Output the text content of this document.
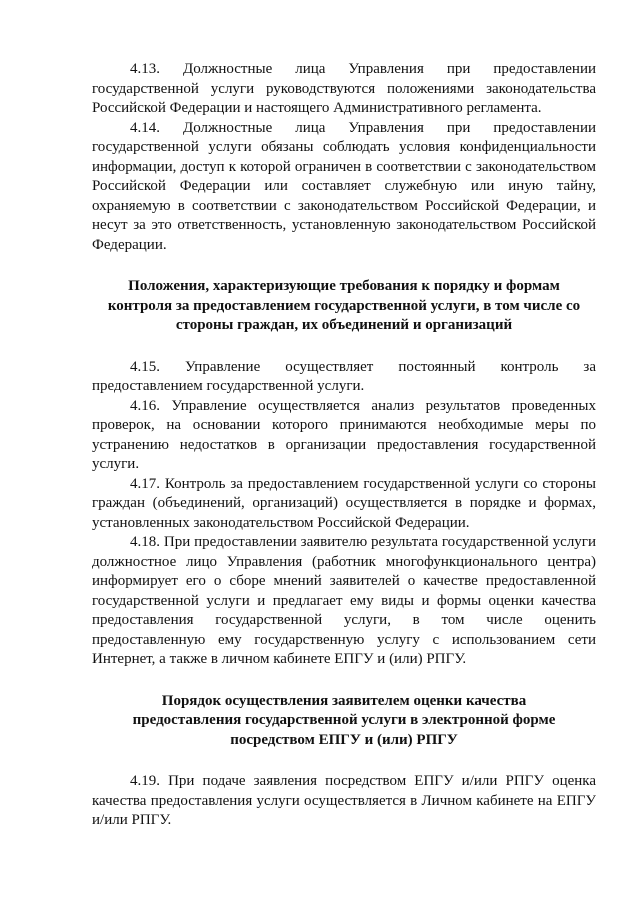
4.13. Должностные лица Управления при предоставлении государственной услуги руководствуются положениями законодательства Российской Федерации и настоящего Административного регламента.

4.14. Должностные лица Управления при предоставлении государственной услуги обязаны соблюдать условия конфиденциальности информации, доступ к которой ограничен в соответствии с законодательством Российской Федерации или составляет служебную или иную тайну, охраняемую в соответствии с законодательством Российской Федерации, и несут за это ответственность, установленную законодательством Российской Федерации.

Положения, характеризующие требования к порядку и формам контроля за предоставлением государственной услуги, в том числе со стороны граждан, их объединений и организаций

4.15. Управление осуществляет постоянный контроль за предоставлением государственной услуги.

4.16. Управление осуществляется анализ результатов проведенных проверок, на основании которого принимаются необходимые меры по устранению недостатков в организации предоставления государственной услуги.

4.17. Контроль за предоставлением государственной услуги со стороны граждан (объединений, организаций) осуществляется в порядке и формах, установленных законодательством Российской Федерации.

4.18. При предоставлении заявителю результата государственной услуги должностное лицо Управления (работник многофункционального центра) информирует его о сборе мнений заявителей о качестве предоставленной государственной услуги и предлагает ему виды и формы оценки качества предоставления государственной услуги, в том числе оценить предоставленную ему государственную услугу с использованием сети Интернет, а также в личном кабинете ЕПГУ и (или) РПГУ.

Порядок осуществления заявителем оценки качества предоставления государственной услуги в электронной форме посредством ЕПГУ и (или) РПГУ

4.19. При подаче заявления посредством ЕПГУ и/или РПГУ оценка качества предоставления услуги осуществляется в Личном кабинете на ЕПГУ и/или РПГУ.
